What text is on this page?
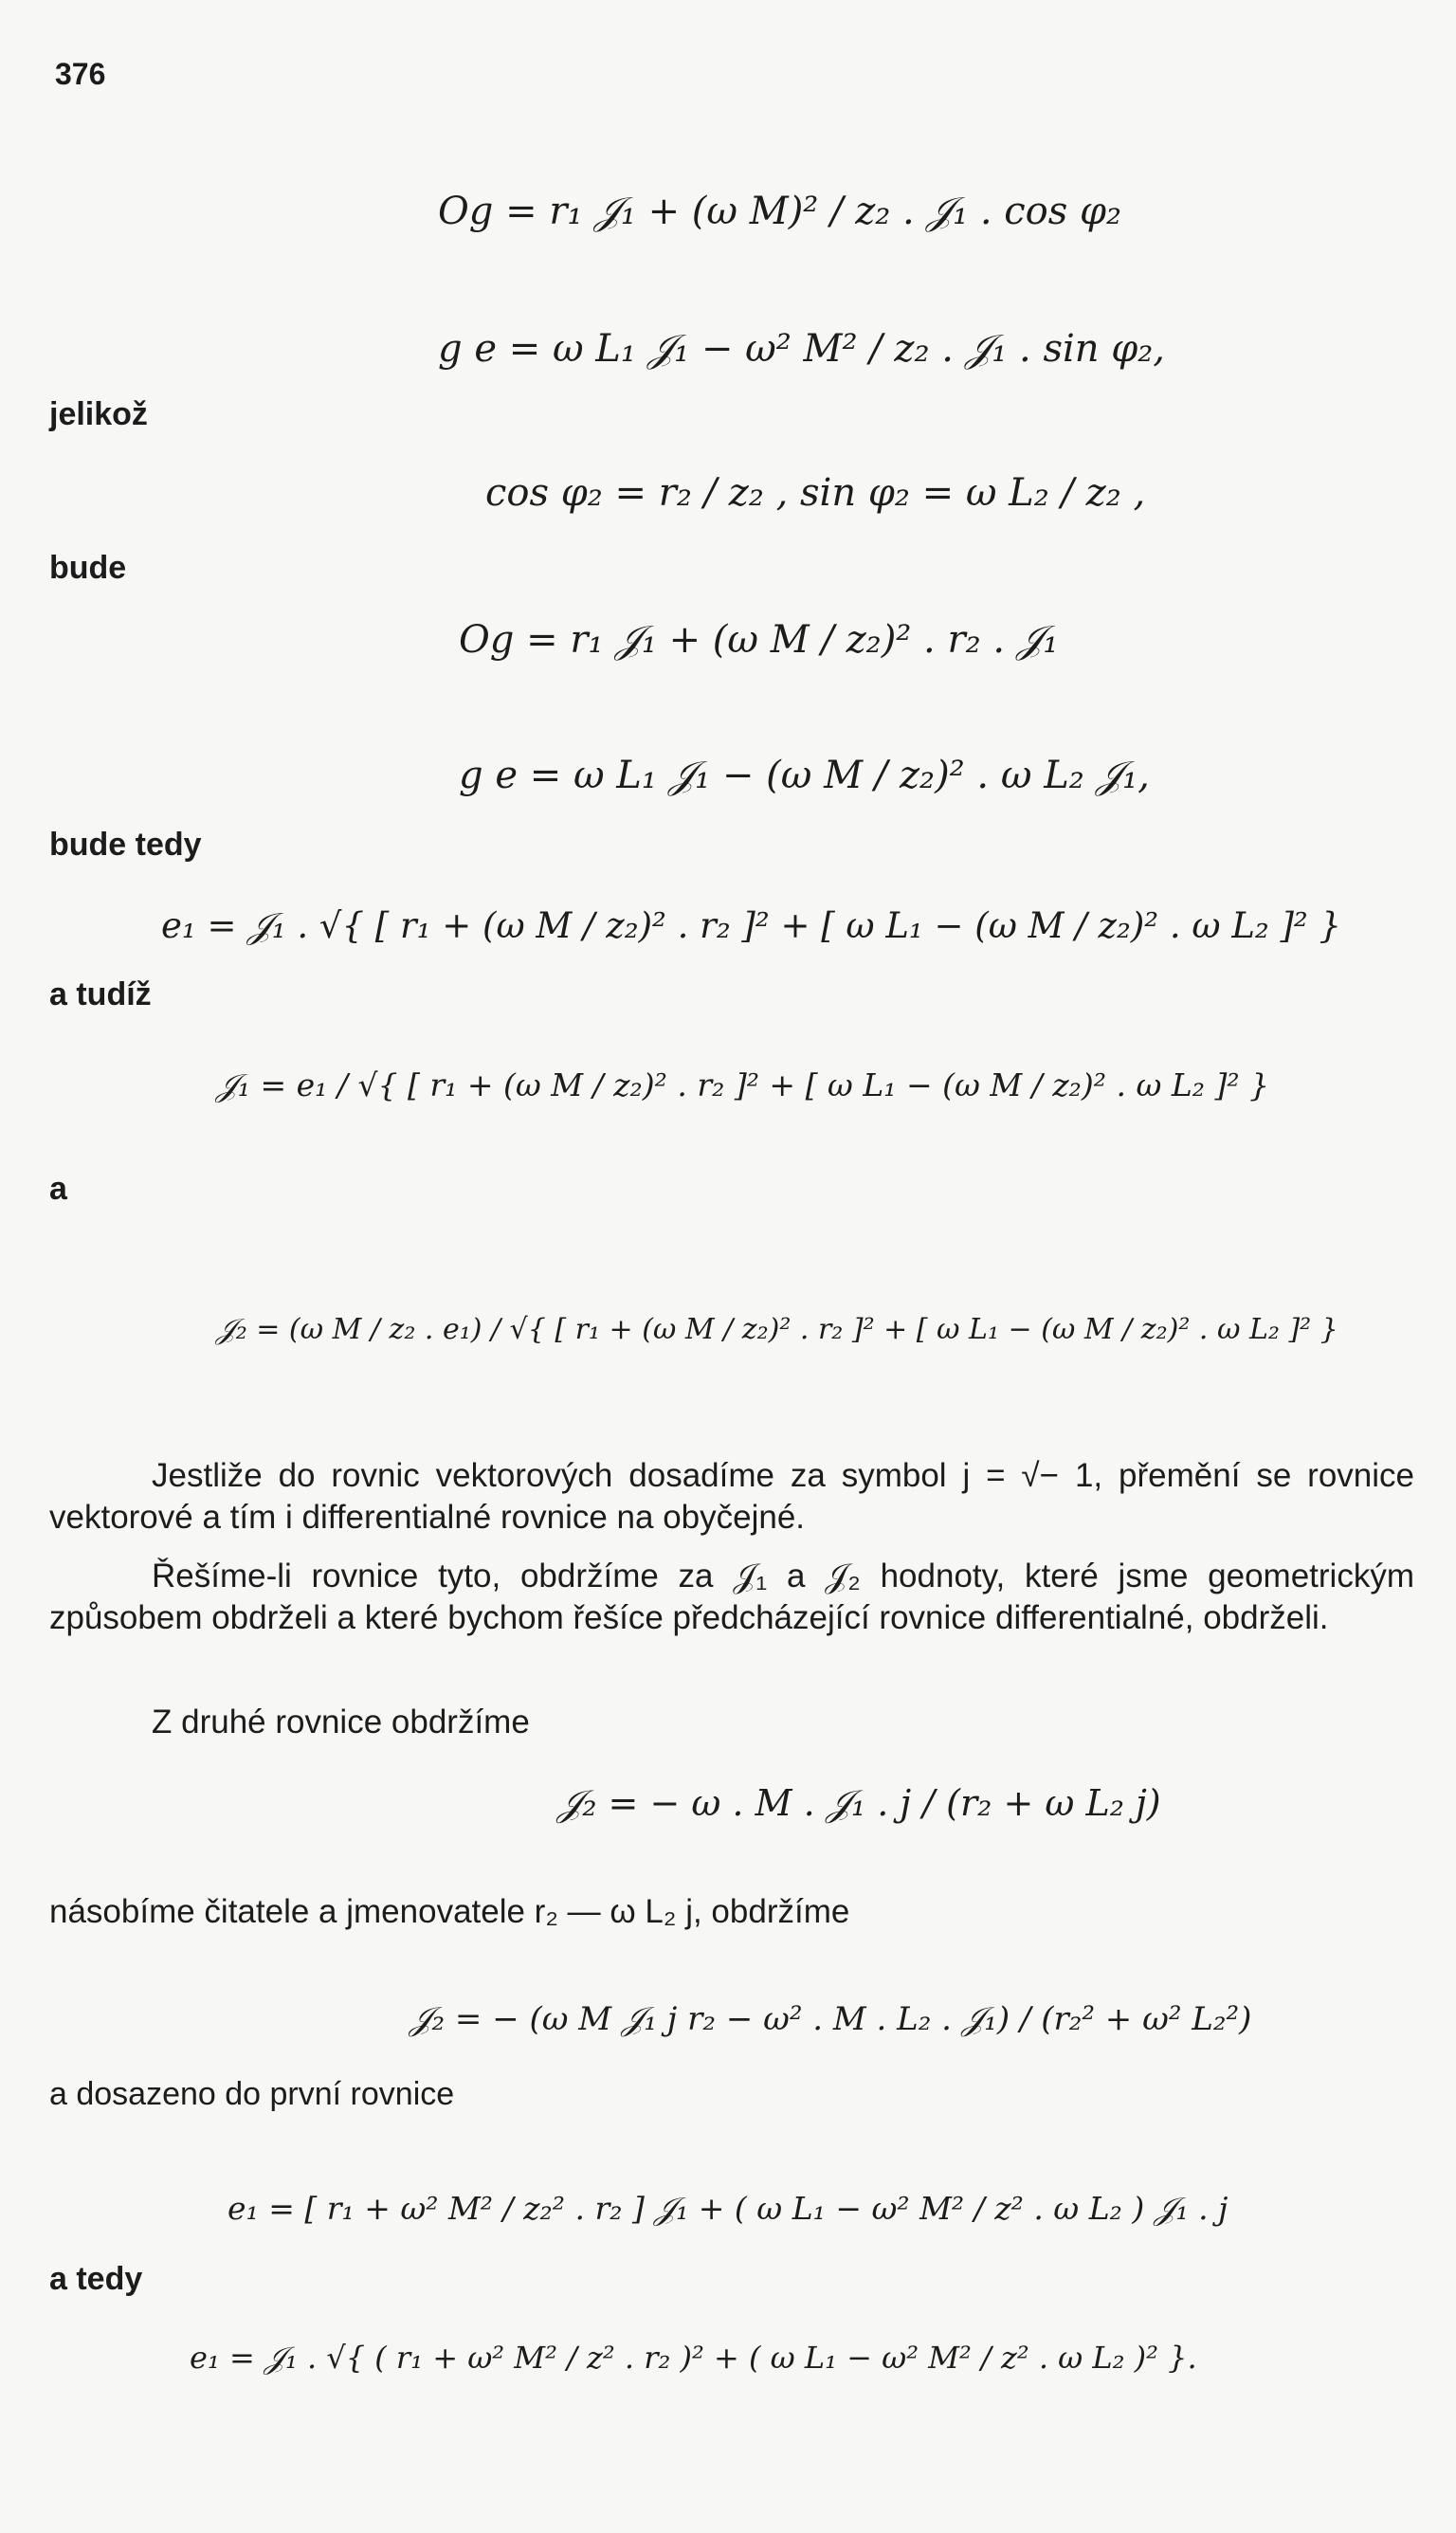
376
Og = r₁ 𝒥₁ + (ω M)² / z₂ . 𝒥₁ . cos φ₂
g e = ω L₁ 𝒥₁ − ω² M² / z₂ . 𝒥₁ . sin φ₂,
jelikož
cos φ₂ = r₂ / z₂ , sin φ₂ = ω L₂ / z₂ ,
bude
Og = r₁ 𝒥₁ + (ω M / z₂)² . r₂ . 𝒥₁
g e = ω L₁ 𝒥₁ − (ω M / z₂)² . ω L₂ 𝒥₁,
bude tedy
e₁ = 𝒥₁ . √{ [ r₁ + (ω M / z₂)² . r₂ ]² + [ ω L₁ − (ω M / z₂)² . ω L₂ ]² }
a tudíž
𝒥₁ = e₁ / √{ [ r₁ + (ω M / z₂)² . r₂ ]² + [ ω L₁ − (ω M / z₂)² . ω L₂ ]² }
a
𝒥₂ = (ω M / z₂ . e₁) / √{ [ r₁ + (ω M / z₂)² . r₂ ]² + [ ω L₁ − (ω M / z₂)² . ω L₂ ]² }
Jestliže do rovnic vektorových dosadíme za symbol j = √− 1, přemění se rovnice vektorové a tím i differentialné rovnice na obyčejné.
Řešíme-li rovnice tyto, obdržíme za 𝒥₁ a 𝒥₂ hodnoty, které jsme geometrickým způsobem obdrželi a které bychom řešíce předcházející rovnice differentialné, obdrželi.
Z druhé rovnice obdržíme
𝒥₂ = − ω . M . 𝒥₁ . j / (r₂ + ω L₂ j)
násobíme čitatele a jmenovatele r₂ — ω L₂ j, obdržíme
𝒥₂ = − (ω M 𝒥₁ j r₂ − ω² . M . L₂ . 𝒥₁) / (r₂² + ω² L₂²)
a dosazeno do první rovnice
e₁ = [ r₁ + ω² M² / z₂² . r₂ ] 𝒥₁ + ( ω L₁ − ω² M² / z² . ω L₂ ) 𝒥₁ . j
a tedy
e₁ = 𝒥₁ . √{ ( r₁ + ω² M² / z² . r₂ )² + ( ω L₁ − ω² M² / z² . ω L₂ )² }.
